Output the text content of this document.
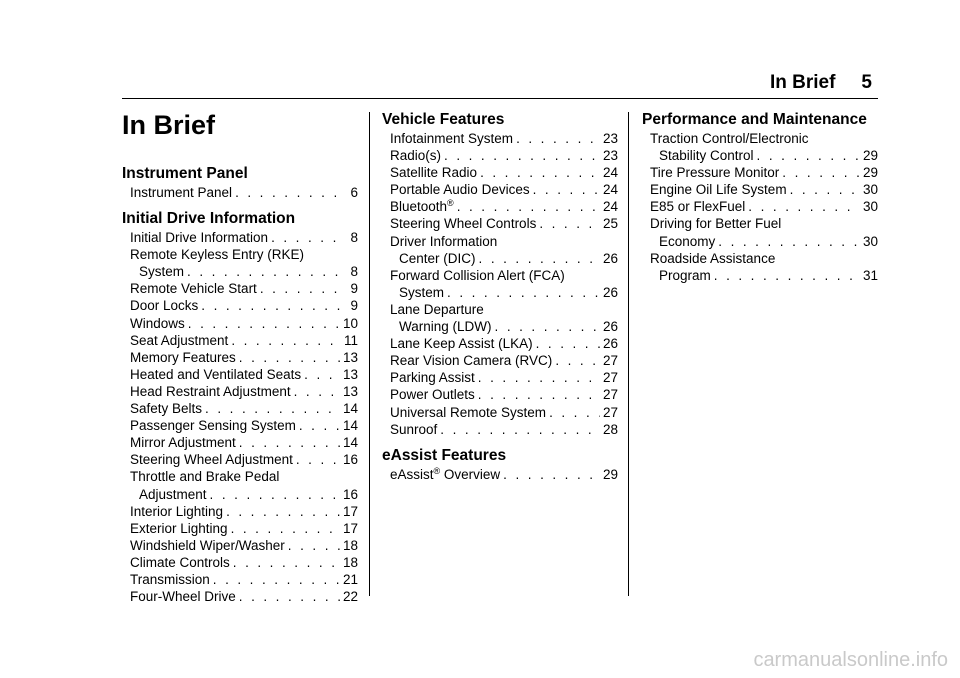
In Brief 5
In Brief
Instrument Panel
Instrument Panel . . .	6
Initial Drive Information
Initial Drive Information . . .	8
Remote Keyless Entry (RKE)
System . . .	8
Remote Vehicle Start . . .	9
Door Locks . . .	9
Windows . . .	10
Seat Adjustment . . .	11
Memory Features . . .	13
Heated and Ventilated Seats . . .	13
Head Restraint Adjustment . . .	13
Safety Belts . . .	14
Passenger Sensing System . . .	14
Mirror Adjustment . . .	14
Steering Wheel Adjustment . . .	16
Throttle and Brake Pedal
Adjustment . . .	16
Interior Lighting . . .	17
Exterior Lighting . . .	17
Windshield Wiper/Washer . . .	18
Climate Controls . . .	18
Transmission . . .	21
Four-Wheel Drive . . .	22
Vehicle Features
Infotainment System . . .	23
Radio(s) . . .	23
Satellite Radio . . .	24
Portable Audio Devices . . .	24
Bluetooth® . . .	24
Steering Wheel Controls . . .	25
Driver Information
Center (DIC) . . .	26
Forward Collision Alert (FCA)
System . . .	26
Lane Departure
Warning (LDW) . . .	26
Lane Keep Assist (LKA) . . .	26
Rear Vision Camera (RVC) . . .	27
Parking Assist . . .	27
Power Outlets . . .	27
Universal Remote System . . .	27
Sunroof . . .	28
eAssist Features
eAssist® Overview . . .	29
Performance and Maintenance
Traction Control/Electronic
Stability Control . . .	29
Tire Pressure Monitor . . .	29
Engine Oil Life System . . .	30
E85 or FlexFuel . . .	30
Driving for Better Fuel
Economy . . .	30
Roadside Assistance
Program . . .	31
carmanualsonline.info
